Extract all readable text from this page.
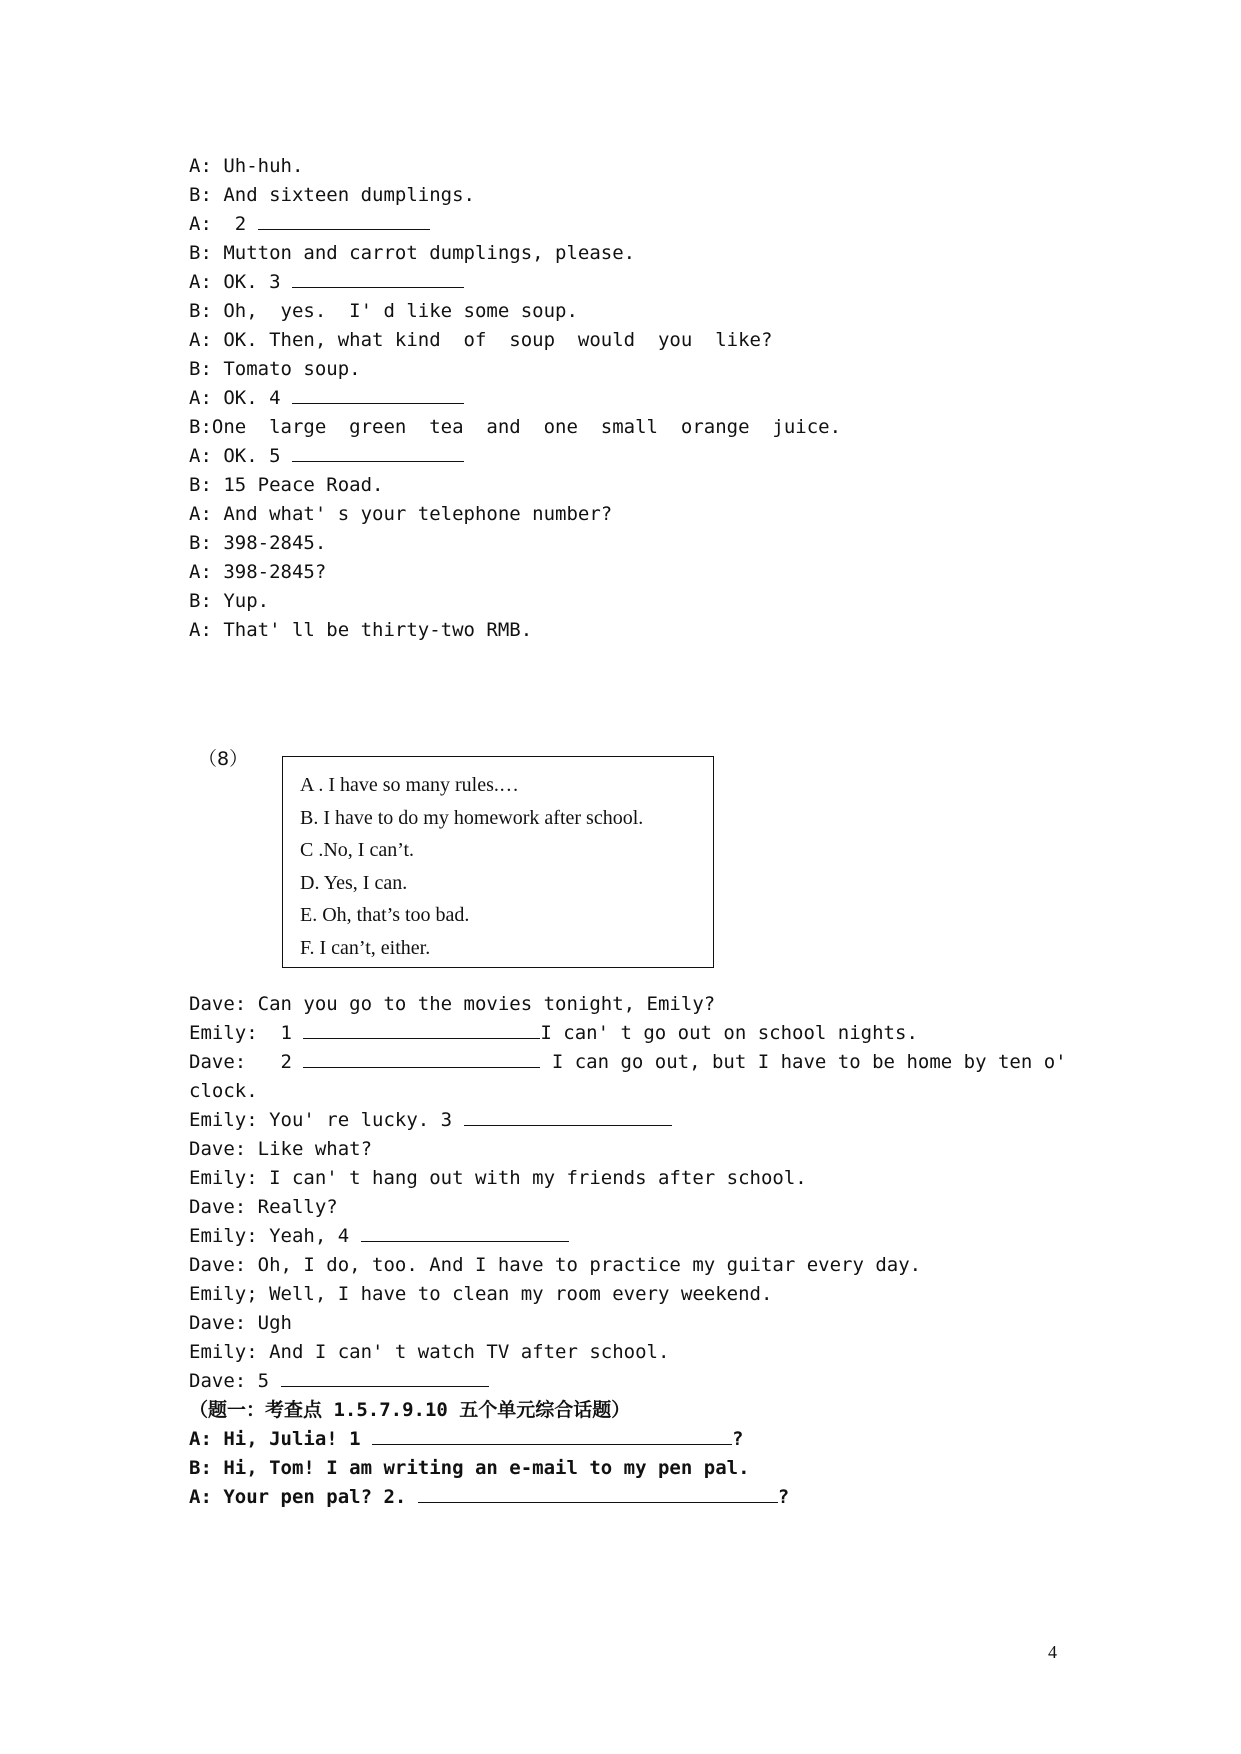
A: Uh-huh.
B: And sixteen dumplings.
A:  2
B: Mutton and carrot dumplings, please.
A: OK. 3
B: Oh,  yes.  I' d like some soup.
A: OK. Then, what kind  of  soup  would  you  like?
B: Tomato soup.
A: OK. 4
B:One  large  green  tea  and  one  small  orange  juice.
A: OK. 5
B: 15 Peace Road.
A: And what' s your telephone number?
B: 398-2845.
A: 398-2845?
B: Yup.
A: That' ll be thirty-two RMB.
（8）
A . I have so many rules.…
B. I have to do my homework after school.
C .No, I can’t.
D. Yes, I can.
E. Oh, that’s too bad.
F. I can’t, either.
Dave: Can you go to the movies tonight, Emily?
Emily:  1	I can' t go out on school nights.
Dave:   2	I can go out, but I have to be home by ten o'
clock.
Emily: You' re lucky. 3
Dave: Like what?
Emily: I can' t hang out with my friends after school.
Dave: Really?
Emily: Yeah, 4
Dave: Oh, I do, too. And I have to practice my guitar every day.
Emily; Well, I have to clean my room every weekend.
Dave: Ugh
Emily: And I can' t watch TV after school.
Dave: 5
（题一：考查点 1.5.7.9.10 五个单元综合话题）
A: Hi, Julia! 1	?
B: Hi, Tom! I am writing an e-mail to my pen pal.
A: Your pen pal? 2.	?
4
